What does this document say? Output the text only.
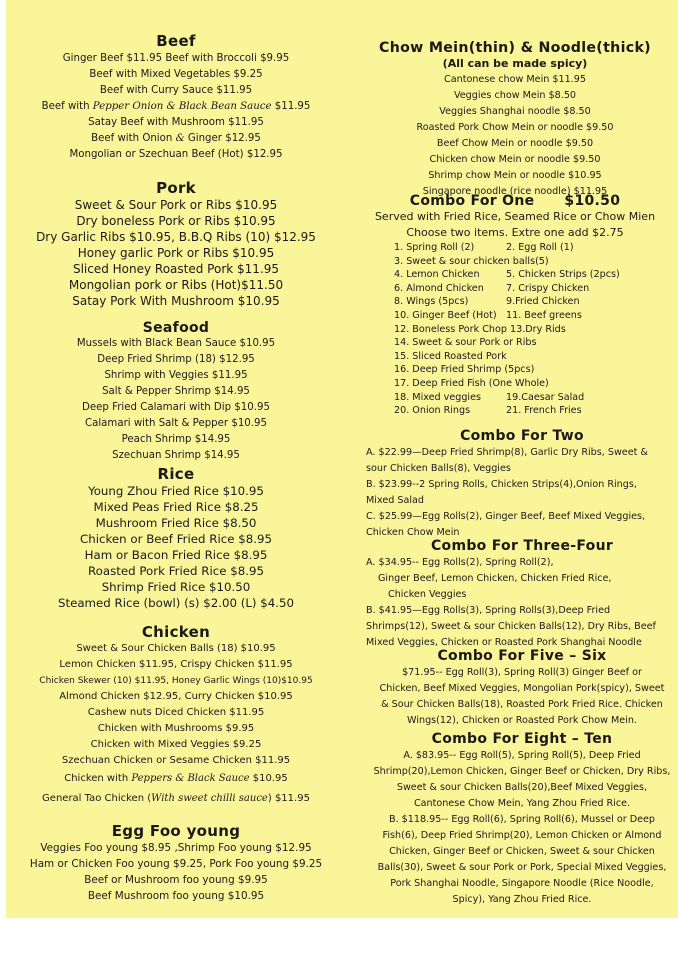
Beef
Ginger Beef $11.95 Beef with Broccoli $9.95
Beef with Mixed Vegetables $9.25
Beef with Curry Sauce $11.95
Beef with Pepper Onion & Black Bean Sauce $11.95
Satay Beef with Mushroom $11.95
Beef with Onion & Ginger $12.95
Mongolian or Szechuan Beef (Hot) $12.95
Pork
Sweet & Sour Pork or Ribs $10.95
Dry boneless Pork or Ribs $10.95
Dry Garlic Ribs $10.95, B.B.Q Ribs (10) $12.95
Honey garlic Pork or Ribs $10.95
Sliced Honey Roasted Pork $11.95
Mongolian pork or Ribs (Hot)$11.50
Satay Pork With Mushroom $10.95
Seafood
Mussels with Black Bean Sauce $10.95
Deep Fried Shrimp (18) $12.95
Shrimp with Veggies $11.95
Salt & Pepper Shrimp $14.95
Deep Fried Calamari with Dip $10.95
Calamari with Salt & Pepper $10.95
Peach Shrimp $14.95
Szechuan Shrimp $14.95
Rice
Young Zhou Fried Rice $10.95
Mixed Peas Fried Rice $8.25
Mushroom Fried Rice $8.50
Chicken or Beef Fried Rice $8.95
Ham or Bacon Fried Rice $8.95
Roasted Pork Fried Rice $8.95
Shrimp Fried Rice $10.50
Steamed Rice (bowl) (s) $2.00 (L) $4.50
Chicken
Sweet & Sour Chicken Balls (18) $10.95
Lemon Chicken $11.95, Crispy Chicken $11.95
Chicken Skewer (10) $11.95, Honey Garlic Wings (10)$10.95
Almond Chicken $12.95, Curry Chicken $10.95
Cashew nuts Diced Chicken $11.95
Chicken with Mushrooms $9.95
Chicken with Mixed Veggies $9.25
Szechuan Chicken or Sesame Chicken $11.95
Chicken with Peppers & Black Sauce $10.95
General Tao Chicken (With sweet chilli sauce) $11.95
Egg Foo young
Veggies Foo young $8.95 ,Shrimp Foo young $12.95
Ham or Chicken Foo young $9.25, Pork Foo young $9.25
Beef or Mushroom foo young $9.95
Beef Mushroom foo young $10.95
Chow Mein(thin) & Noodle(thick)
(All can be made spicy)
Cantonese chow Mein $11.95
Veggies chow Mein $8.50
Veggies Shanghai noodle $8.50
Roasted Pork Chow Mein or noodle $9.50
Beef Chow Mein or noodle $9.50
Chicken chow Mein or noodle $9.50
Shrimp chow Mein or noodle $10.95
Singapore noodle (rice noodle) $11.95
Combo For One $10.50
Served with Fried Rice, Seamed Rice or Chow Mien
Choose two items. Extre one add $2.75
1. Spring Roll (2)	2. Egg Roll (1)
3. Sweet & sour chicken balls(5)
4. Lemon Chicken	5. Chicken Strips (2pcs)
6. Almond Chicken	7. Crispy Chicken
8. Wings (5pcs)	9.Fried Chicken
10. Ginger Beef (Hot) 11. Beef greens
12. Boneless Pork Chop 13.Dry Rids
14. Sweet & sour Pork or Ribs
15. Sliced Roasted Pork
16. Deep Fried Shrimp (5pcs)
17. Deep Fried Fish (One Whole)
18. Mixed veggies	19.Caesar Salad
20. Onion Rings	21. French Fries
Combo For Two
A. $22.99—Deep Fried Shrimp(8), Garlic Dry Ribs, Sweet &
sour Chicken Balls(8), Veggies
B. $23.99--2 Spring Rolls, Chicken Strips(4),Onion Rings,
Mixed Salad
C. $25.99—Egg Rolls(2), Ginger Beef, Beef Mixed Veggies,
Chicken Chow Mein
Combo For Three-Four
A. $34.95-- Egg Rolls(2), Spring Roll(2),
Ginger Beef, Lemon Chicken, Chicken Fried Rice,
Chicken Veggies
B. $41.95—Egg Rolls(3), Spring Rolls(3),Deep Fried
Shrimps(12), Sweet & sour Chicken Balls(12), Dry Ribs, Beef
Mixed Veggies, Chicken or Roasted Pork Shanghai Noodle
Combo For Five – Six
$71.95-- Egg Roll(3), Spring Roll(3) Ginger Beef or
Chicken, Beef Mixed Veggies, Mongolian Pork(spicy), Sweet
& Sour Chicken Balls(18), Roasted Pork Fried Rice. Chicken
Wings(12), Chicken or Roasted Pork Chow Mein.
Combo For Eight – Ten
A. $83.95-- Egg Roll(5), Spring Roll(5), Deep Fried
Shrimp(20),Lemon Chicken, Ginger Beef or Chicken, Dry Ribs,
Sweet & sour Chicken Balls(20),Beef Mixed Veggies,
Cantonese Chow Mein, Yang Zhou Fried Rice.
B. $118.95-- Egg Roll(6), Spring Roll(6), Mussel or Deep
Fish(6), Deep Fried Shrimp(20), Lemon Chicken or Almond
Chicken, Ginger Beef or Chicken, Sweet & sour Chicken
Balls(30), Sweet & sour Pork or Pork, Special Mixed Veggies,
Pork Shanghai Noodle, Singapore Noodle (Rice Noodle,
Spicy), Yang Zhou Fried Rice.
